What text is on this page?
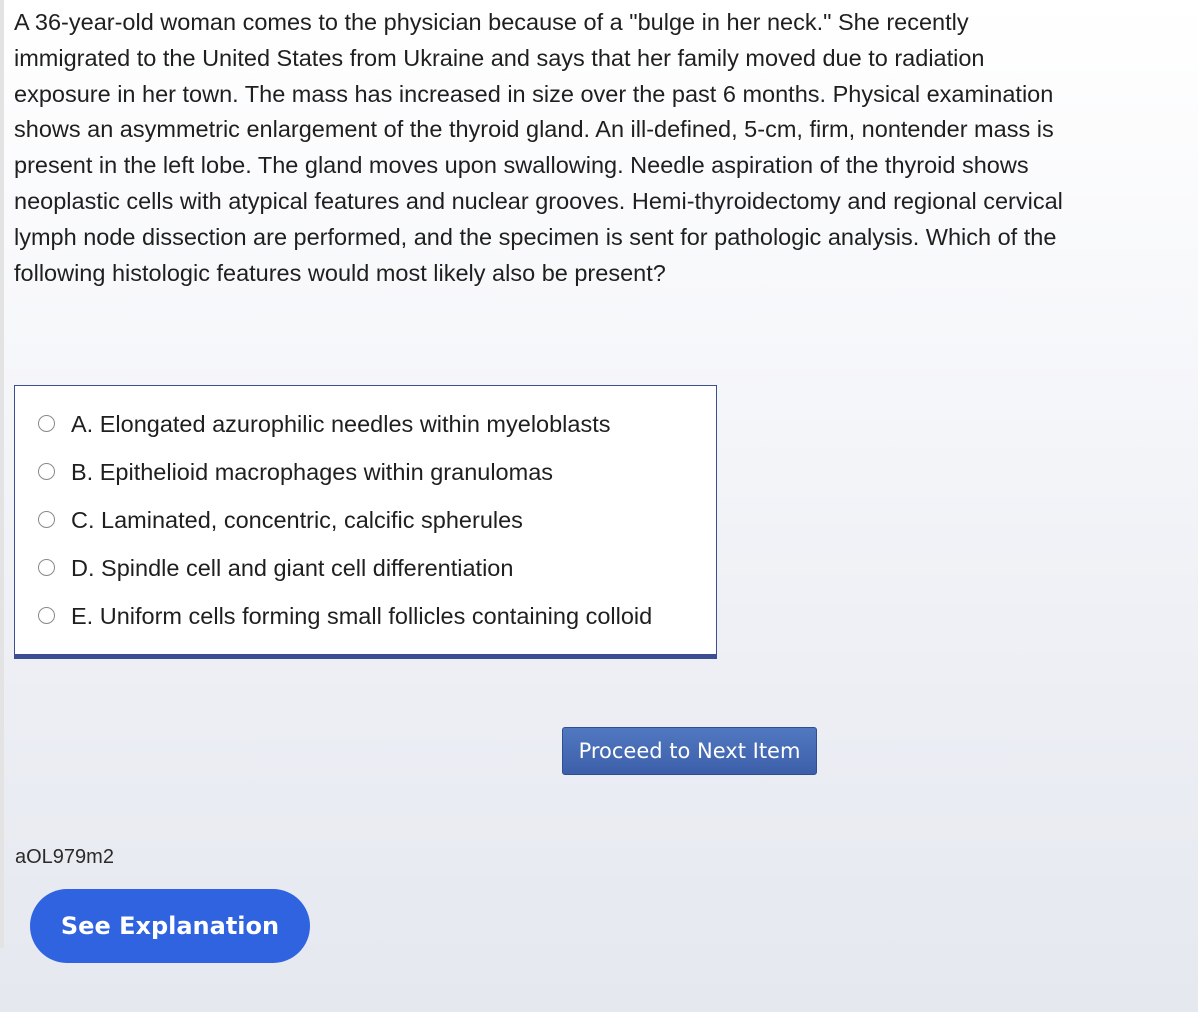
A 36-year-old woman comes to the physician because of a "bulge in her neck." She recently immigrated to the United States from Ukraine and says that her family moved due to radiation exposure in her town. The mass has increased in size over the past 6 months. Physical examination shows an asymmetric enlargement of the thyroid gland. An ill-defined, 5-cm, firm, nontender mass is present in the left lobe. The gland moves upon swallowing. Needle aspiration of the thyroid shows neoplastic cells with atypical features and nuclear grooves. Hemi-thyroidectomy and regional cervical lymph node dissection are performed, and the specimen is sent for pathologic analysis. Which of the following histologic features would most likely also be present?

A. Elongated azurophilic needles within myeloblasts
B. Epithelioid macrophages within granulomas
C. Laminated, concentric, calcific spherules
D. Spindle cell and giant cell differentiation
E. Uniform cells forming small follicles containing colloid
Proceed to Next Item
aOL979m2
See Explanation
